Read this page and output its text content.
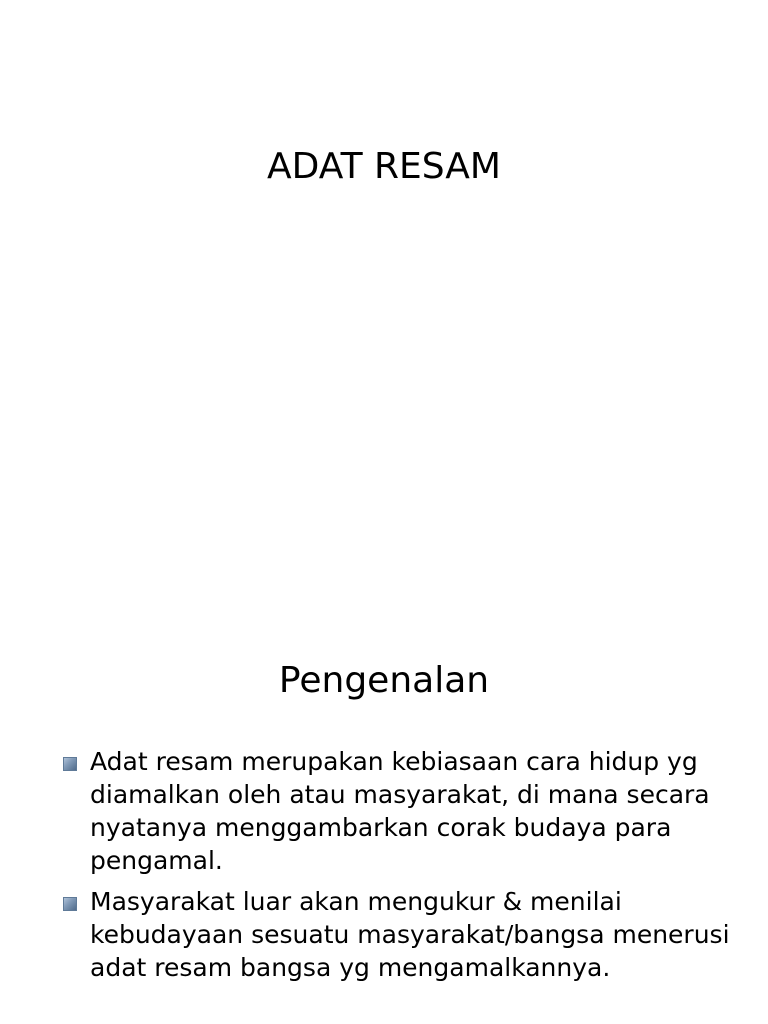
ADAT RESAM
Pengenalan
Adat resam merupakan kebiasaan cara hidup yg diamalkan oleh atau masyarakat, di mana secara nyatanya menggambarkan corak budaya para pengamal.
Masyarakat luar akan mengukur & menilai kebudayaan sesuatu masyarakat/bangsa menerusi adat resam bangsa yg mengamalkannya.
